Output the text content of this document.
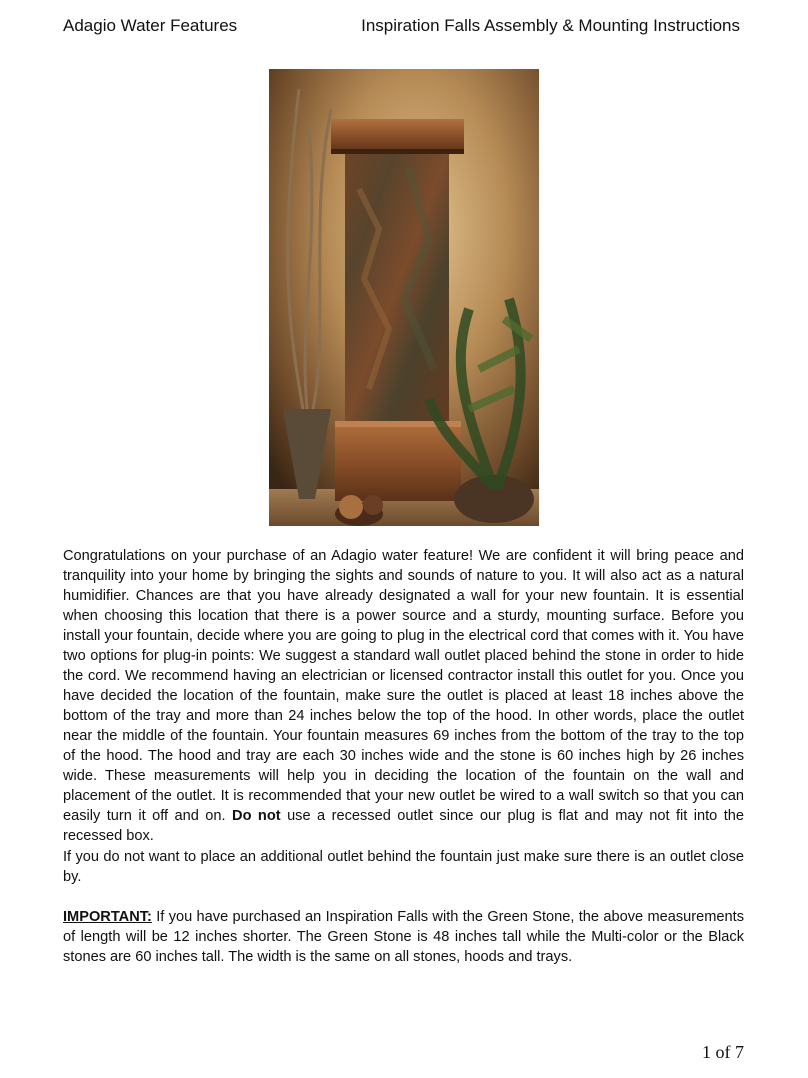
Adagio Water Features	Inspiration Falls Assembly & Mounting Instructions
Congratulations on your purchase of an Adagio water feature! We are confident it will bring peace and tranquility into your home by bringing the sights and sounds of nature to you. It will also act as a natural humidifier. Chances are that you have already designated a wall for your new fountain. It is essential when choosing this location that there is a power source and a sturdy, mounting surface. Before you install your fountain, decide where you are going to plug in the electrical cord that comes with it. You have two options for plug-in points: We suggest a standard wall outlet placed behind the stone in order to hide the cord. We recommend having an electrician or licensed contractor install this outlet for you. Once you have decided the location of the fountain, make sure the outlet is placed at least 18 inches above the bottom of the tray and more than 24 inches below the top of the hood. In other words, place the outlet near the middle of the fountain. Your fountain measures 69 inches from the bottom of the tray to the top of the hood. The hood and tray are each 30 inches wide and the stone is 60 inches high by 26 inches wide. These measurements will help you in deciding the location of the fountain on the wall and placement of the outlet. It is recommended that your new outlet be wired to a wall switch so that you can easily turn it off and on. Do not use a recessed outlet since our plug is flat and may not fit into the recessed box.
If you do not want to place an additional outlet behind the fountain just make sure there is an outlet close by.
IMPORTANT: If you have purchased an Inspiration Falls with the Green Stone, the above measurements of length will be 12 inches shorter. The Green Stone is 48 inches tall while the Multi-color or the Black stones are 60 inches tall. The width is the same on all stones, hoods and trays.
1 of 7
